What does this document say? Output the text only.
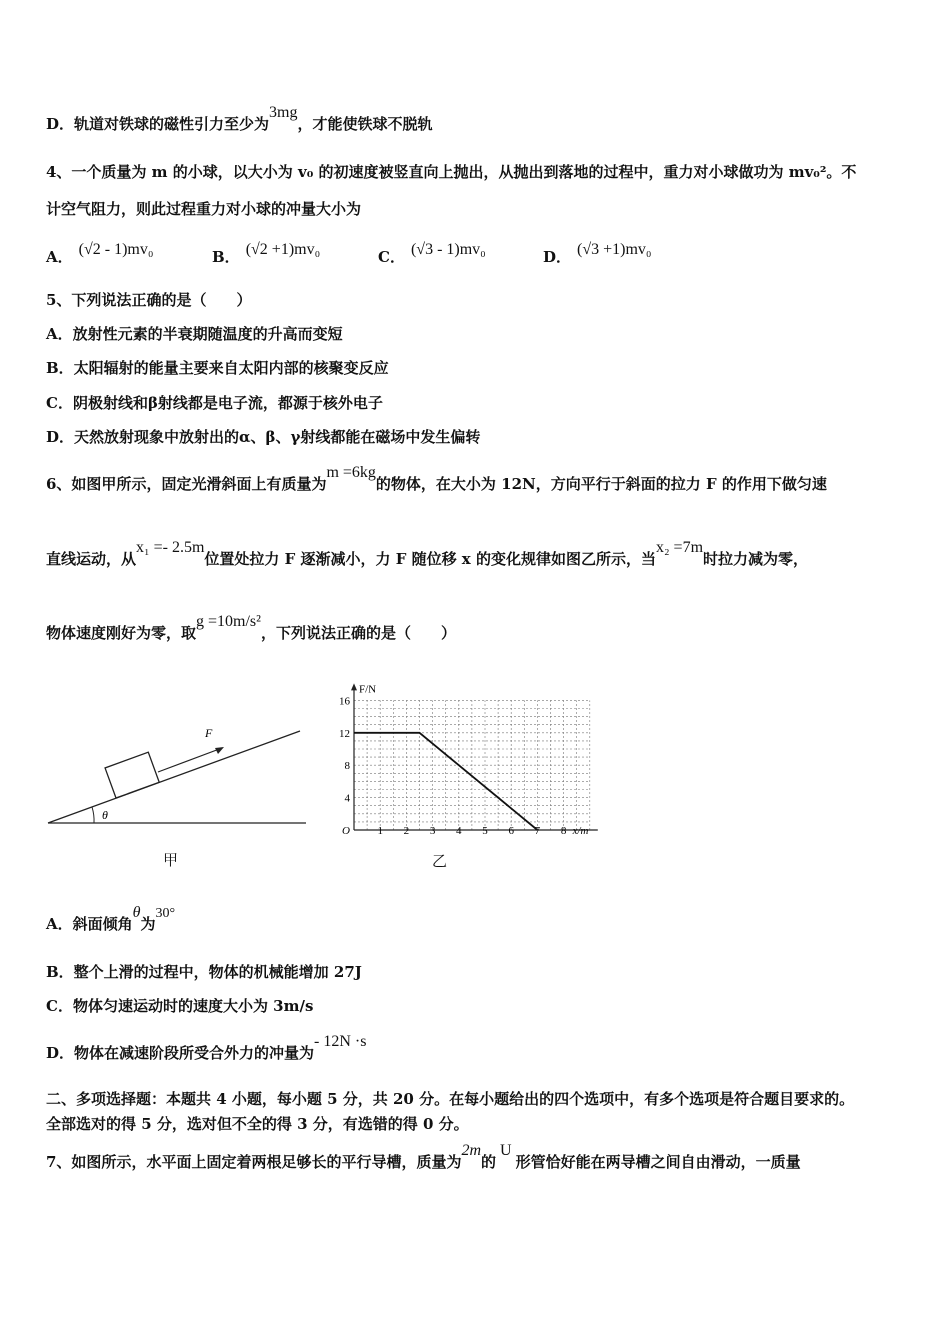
D．轨道对铁球的磁性引力至少为3mg，才能使铁球不脱轨
4、一个质量为 m 的小球，以大小为 v₀ 的初速度被竖直向上抛出，从抛出到落地的过程中，重力对小球做功为 mv₀²。不
计空气阻力，则此过程重力对小球的冲量大小为
A． (√2 - 1)mv₀	B． (√2 +1)mv₀	C． (√3 - 1)mv₀	D． (√3 +1)mv₀
5、下列说法正确的是（　　）
A．放射性元素的半衰期随温度的升高而变短
B．太阳辐射的能量主要来自太阳内部的核聚变反应
C．阴极射线和β射线都是电子流，都源于核外电子
D．天然放射现象中放射出的α、β、γ射线都能在磁场中发生偏转
6、如图甲所示，固定光滑斜面上有质量为m =6kg的物体，在大小为 12N，方向平行于斜面的拉力 F 的作用下做匀速
直线运动，从x₁ =- 2.5m位置处拉力 F 逐渐减小，力 F 随位移 x 的变化规律如图乙所示，当x₂ =7m时拉力减为零，
物体速度刚好为零，取g =10m/s²，下列说法正确的是（　　）
F
θ
甲
F/N
x/m
O 1 2 3 4 5 6 7 8
4
8
12
16
乙
A．斜面倾角θ为30°
B．整个上滑的过程中，物体的机械能增加 27J
C．物体匀速运动时的速度大小为 3m/s
D．物体在减速阶段所受合外力的冲量为- 12N ·s
二、多项选择题：本题共 4 小题，每小题 5 分，共 20 分。在每小题给出的四个选项中，有多个选项是符合题目要求的。
全部选对的得 5 分，选对但不全的得 3 分，有选错的得 0 分。
7、如图所示，水平面上固定着两根足够长的平行导槽，质量为2m的U形管恰好能在两导槽之间自由滑动，一质量
